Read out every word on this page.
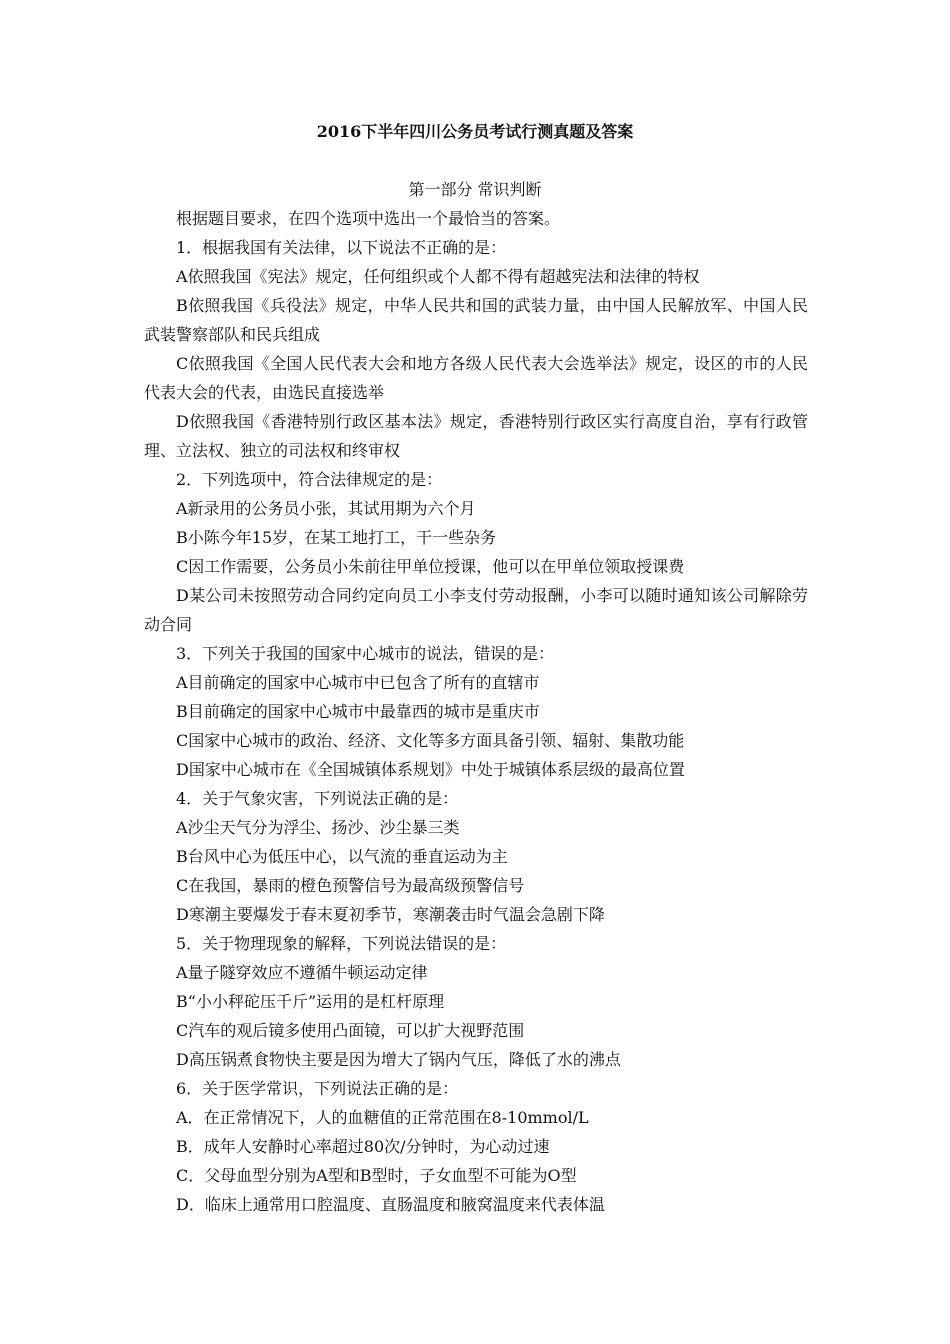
2016下半年四川公务员考试行测真题及答案
第一部分 常识判断

根据题目要求，在四个选项中选出一个最恰当的答案。

1．根据我国有关法律，以下说法不正确的是：

A依照我国《宪法》规定，任何组织或个人都不得有超越宪法和法律的特权

B依照我国《兵役法》规定，中华人民共和国的武装力量，由中国人民解放军、中国人民武装警察部队和民兵组成

C依照我国《全国人民代表大会和地方各级人民代表大会选举法》规定，设区的市的人民代表大会的代表，由选民直接选举

D依照我国《香港特别行政区基本法》规定，香港特别行政区实行高度自治，享有行政管理、立法权、独立的司法权和终审权

2．下列选项中，符合法律规定的是：

A新录用的公务员小张，其试用期为六个月

B小陈今年15岁，在某工地打工，干一些杂务

C因工作需要，公务员小朱前往甲单位授课，他可以在甲单位领取授课费

D某公司未按照劳动合同约定向员工小李支付劳动报酬，小李可以随时通知该公司解除劳动合同

3．下列关于我国的国家中心城市的说法，错误的是：

A目前确定的国家中心城市中已包含了所有的直辖市

B目前确定的国家中心城市中最靠西的城市是重庆市

C国家中心城市的政治、经济、文化等多方面具备引领、辐射、集散功能

D国家中心城市在《全国城镇体系规划》中处于城镇体系层级的最高位置

4．关于气象灾害，下列说法正确的是：

A沙尘天气分为浮尘、扬沙、沙尘暴三类

B台风中心为低压中心，以气流的垂直运动为主

C在我国，暴雨的橙色预警信号为最高级预警信号

D寒潮主要爆发于春末夏初季节，寒潮袭击时气温会急剧下降

5．关于物理现象的解释，下列说法错误的是：

A量子隧穿效应不遵循牛顿运动定律

B“小小秤砣压千斤”运用的是杠杆原理

C汽车的观后镜多使用凸面镜，可以扩大视野范围

D高压锅煮食物快主要是因为增大了锅内气压，降低了水的沸点

6．关于医学常识，下列说法正确的是：

A．在正常情况下，人的血糖值的正常范围在8-10mmol/L

B．成年人安静时心率超过80次/分钟时，为心动过速

C．父母血型分别为A型和B型时，子女血型不可能为O型

D．临床上通常用口腔温度、直肠温度和腋窝温度来代表体温
